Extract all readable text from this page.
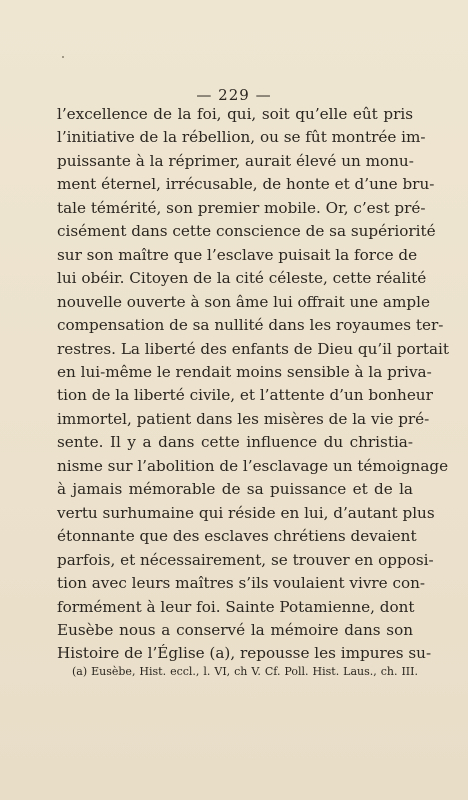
— 229 —
l’excellence de la foi, qui, soit qu’elle eût pris
l’initiative de la rébellion, ou se fût montrée im-
puissante à la réprimer, aurait élevé un monu-
ment éternel, irrécusable, de honte et d’une bru-
tale témérité, son premier mobile. Or, c’est pré-
cisément dans cette conscience de sa supériorité
sur son maître que l’esclave puisait la force de
lui obéir. Citoyen de la cité céleste, cette réalité
nouvelle ouverte à son âme lui offrait une ample
compensation de sa nullité dans les royaumes ter-
restres. La liberté des enfants de Dieu qu’il portait
en lui-même le rendait moins sensible à la priva-
tion de la liberté civile, et l’attente d’un bonheur
immortel, patient dans les misères de la vie pré-
sente. Il y a dans cette influence du christia-
nisme sur l’abolition de l’esclavage un témoignage
à jamais mémorable de sa puissance et de la
vertu surhumaine qui réside en lui, d’autant plus
étonnante que des esclaves chrétiens devaient
parfois, et nécessairement, se trouver en opposi-
tion avec leurs maîtres s’ils voulaient vivre con-
formément à leur foi. Sainte Potamienne, dont
Eusèbe nous a conservé la mémoire dans son
Histoire de l’Église (a), repousse les impures su-
(a) Eusèbe, Hist. eccl., l. VI, ch V. Cf. Poll. Hist. Laus., ch. III.
